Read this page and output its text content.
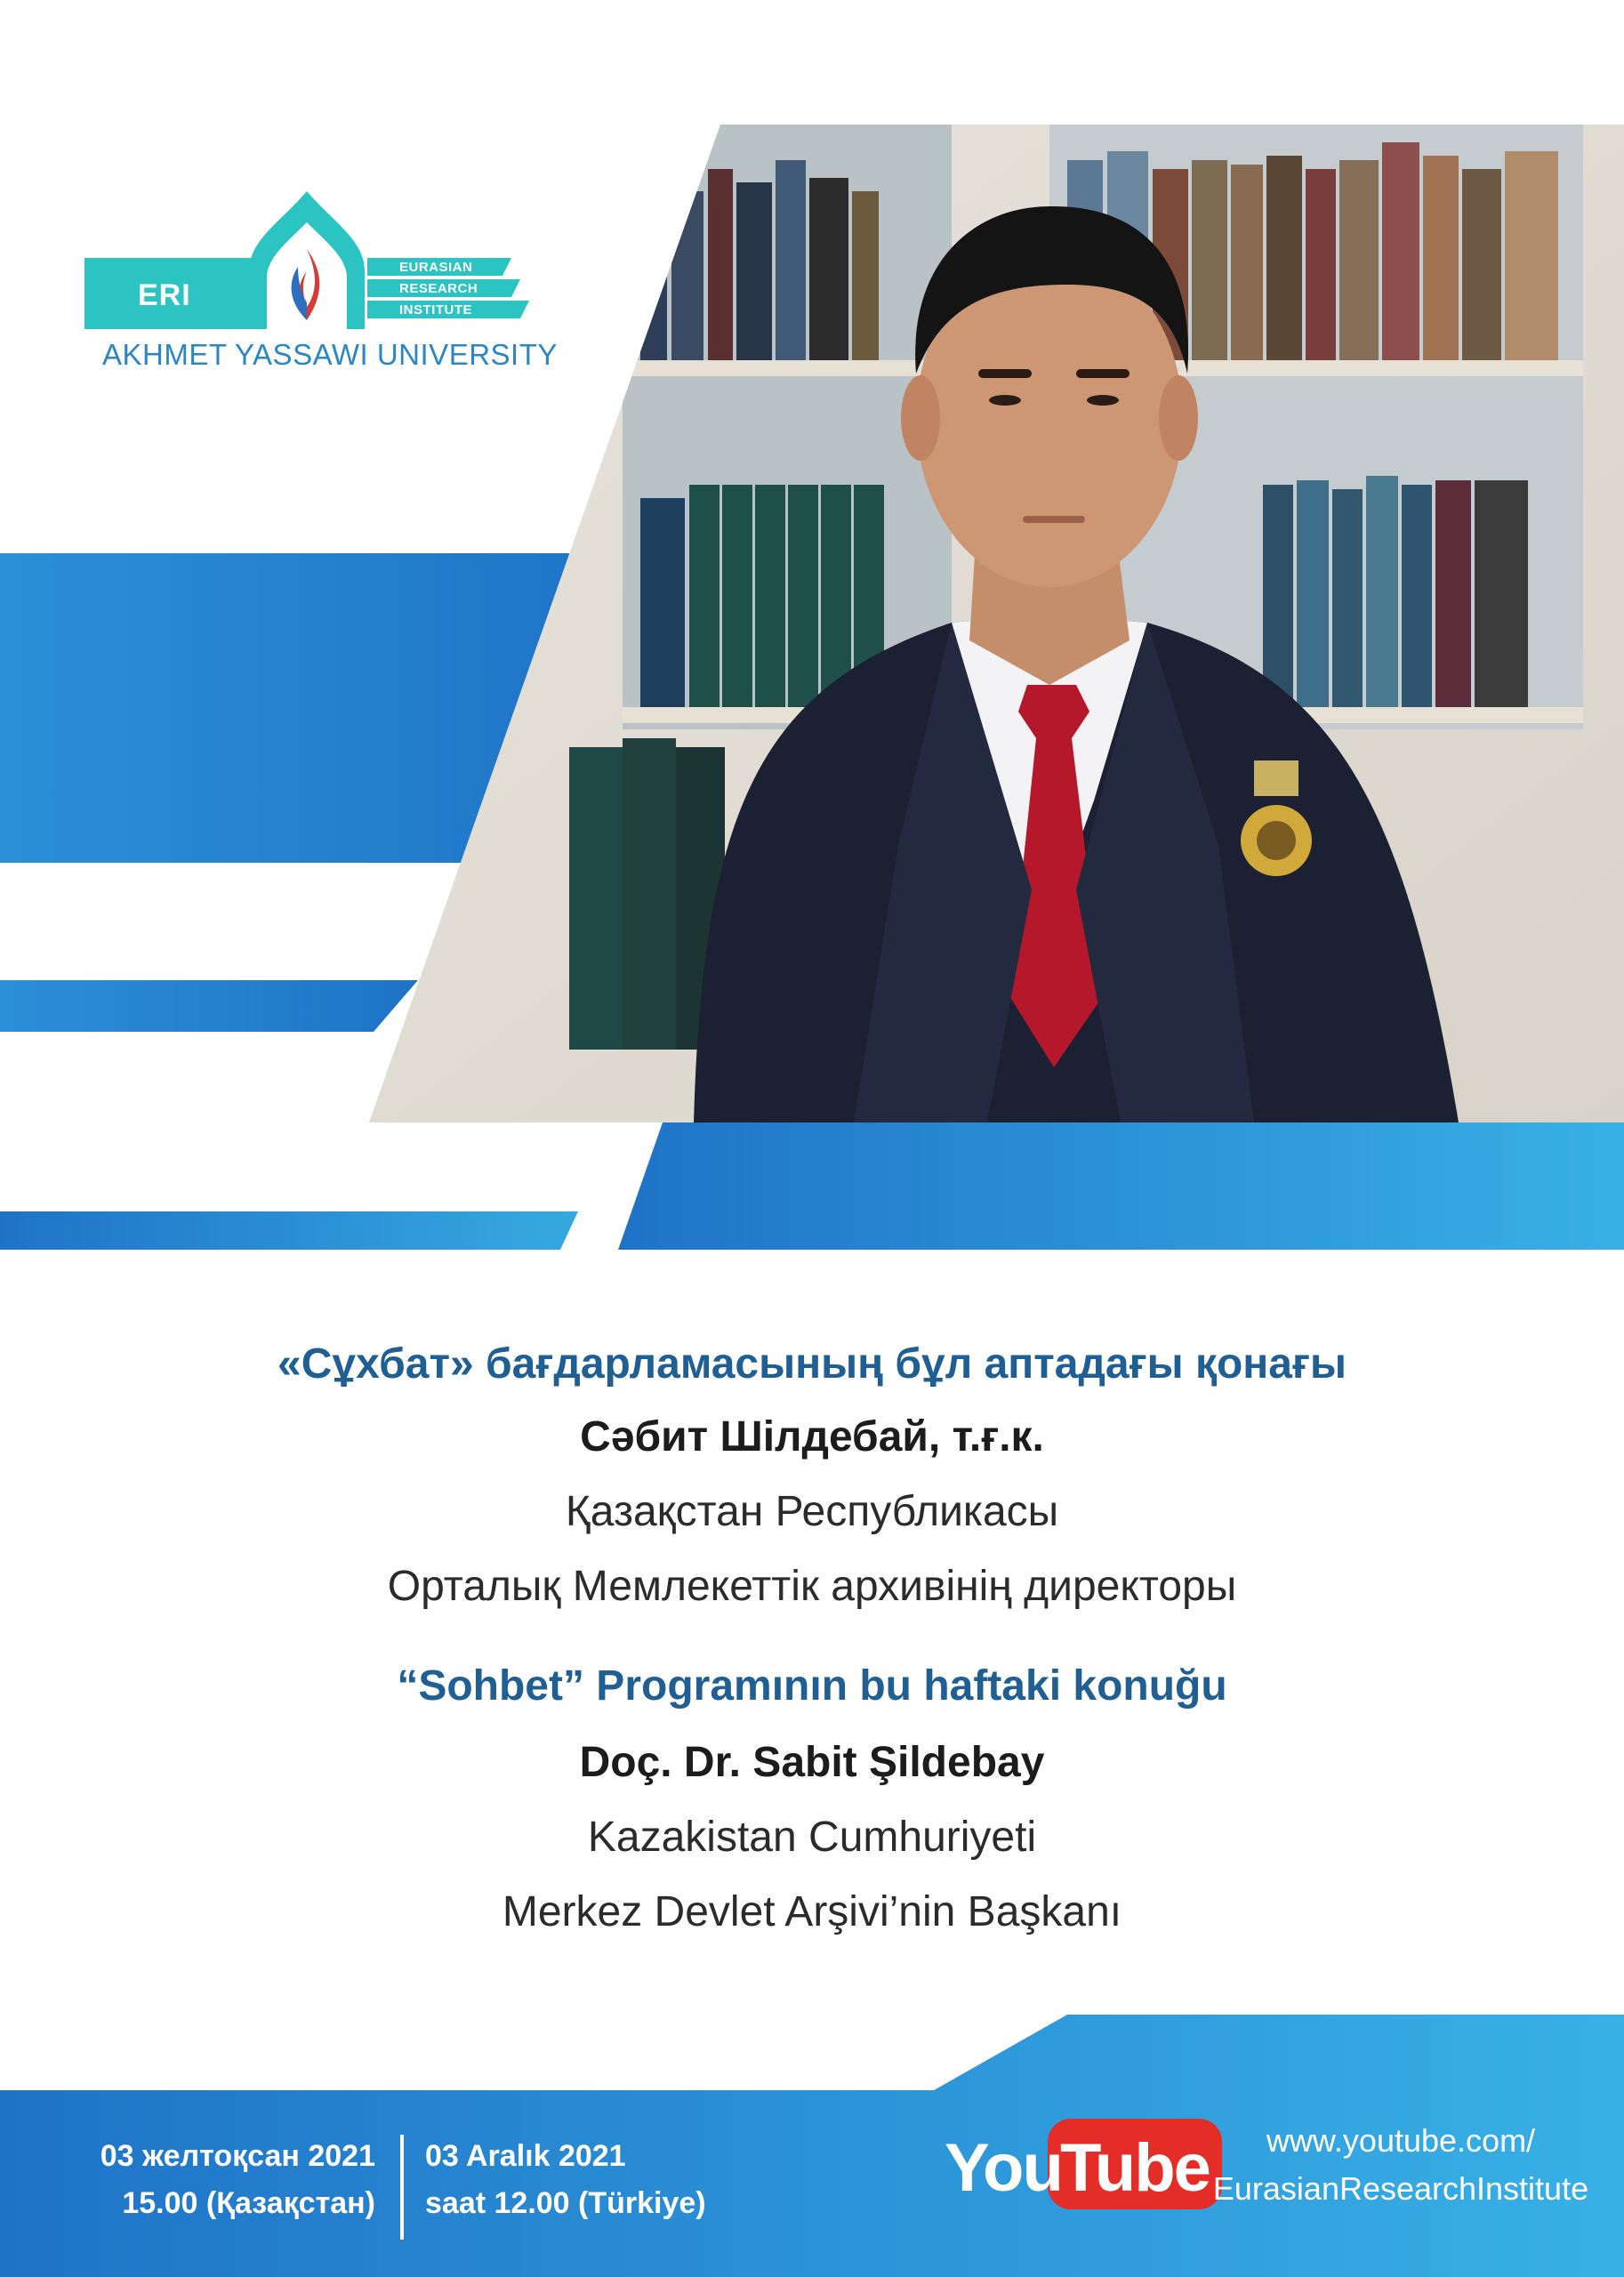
ERI
EURASIAN
RESEARCH
INSTITUTE
AKHMET YASSAWI UNIVERSITY
«Сұхбат» бағдарламасының бұл аптадағы қонағы
Сәбит Шілдебай, т.ғ.к.
Қазақстан Республикасы
Орталық Мемлекеттік архивінің директоры
“Sohbet” Programının bu haftaki konuğu
Doç. Dr. Sabit Şildebay
Kazakistan Cumhuriyeti
Merkez Devlet Arşivi’nin Başkanı
03 желтоқсан 2021
15.00 (Қазақстан)
03 Aralık 2021
saat 12.00 (Türkiye)	You
Tube	www.youtube.com/
EurasianResearchInstitute
